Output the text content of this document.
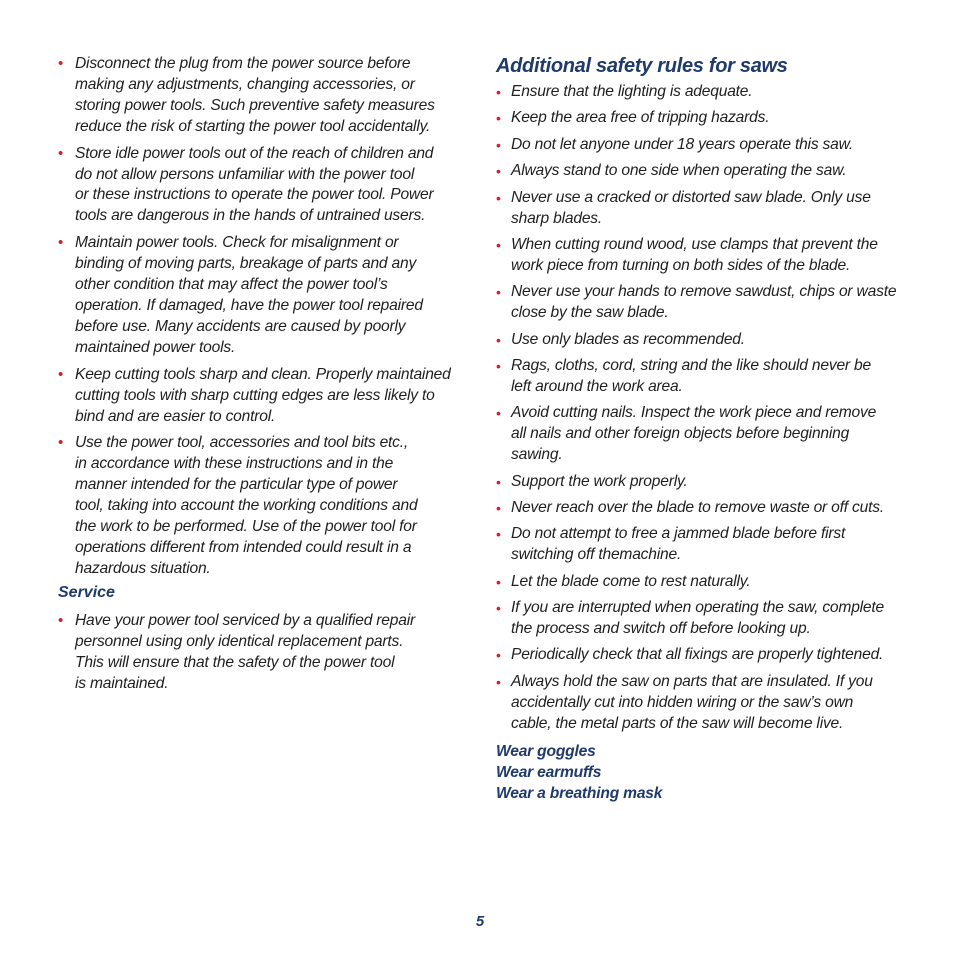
• Disconnect the plug from the power source before
making any adjustments, changing accessories, or
storing power tools. Such preventive safety measures
reduce the risk of starting the power tool accidentally.
• Store idle power tools out of the reach of children and
do not allow persons unfamiliar with the power tool
or these instructions to operate the power tool. Power
tools are dangerous in the hands of untrained users.
• Maintain power tools. Check for misalignment or
binding of moving parts, breakage of parts and any
other condition that may affect the power tool’s
operation. If damaged, have the power tool repaired
before use. Many accidents are caused by poorly
maintained power tools.
• Keep cutting tools sharp and clean. Properly maintained
cutting tools with sharp cutting edges are less likely to
bind and are easier to control.
• Use the power tool, accessories and tool bits etc.,
in accordance with these instructions and in the
manner intended for the particular type of power
tool, taking into account the working conditions and
the work to be performed. Use of the power tool for
operations different from intended could result in a
hazardous situation.
Service
• Have your power tool serviced by a qualified repair
personnel using only identical replacement parts.
This will ensure that the safety of the power tool
is maintained.
Additional safety rules for saws
• Ensure that the lighting is adequate.
• Keep the area free of tripping hazards.
• Do not let anyone under 18 years operate this saw.
• Always stand to one side when operating the saw.
• Never use a cracked or distorted saw blade. Only use
sharp blades.
• When cutting round wood, use clamps that prevent the
work piece from turning on both sides of the blade.
• Never use your hands to remove sawdust, chips or waste
close by the saw blade.
• Use only blades as recommended.
• Rags, cloths, cord, string and the like should never be
left around the work area.
• Avoid cutting nails. Inspect the work piece and remove
all nails and other foreign objects before beginning
sawing.
• Support the work properly.
• Never reach over the blade to remove waste or off cuts.
• Do not attempt to free a jammed blade before first
switching off themachine.
• Let the blade come to rest naturally.
• If you are interrupted when operating the saw, complete
the process and switch off before looking up.
• Periodically check that all fixings are properly tightened.
• Always hold the saw on parts that are insulated. If you
accidentally cut into hidden wiring or the saw’s own
cable, the metal parts of the saw will become live.
Wear goggles
Wear earmuffs
Wear a breathing mask
5
